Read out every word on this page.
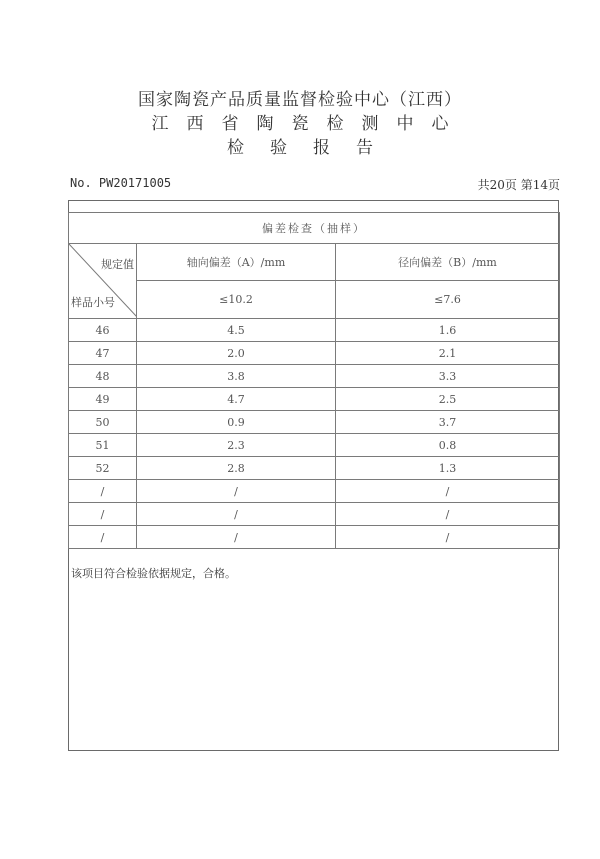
国家陶瓷产品质量监督检验中心（江西）
江西省陶瓷检测中心
检验报告
No. PW20171005	共20页 第14页
偏差检查（抽样）		

规定值
样品小号	轴向偏差（A）/mm	径向偏差（B）/mm
	≤10.2	≤7.6
46	4.5	1.6
47	2.0	2.1
48	3.8	3.3
49	4.7	2.5
50	0.9	3.7
51	2.3	0.8
52	2.8	1.3
/	/	/
/	/	/
/	/	/
该项目符合检验依据规定，合格。
